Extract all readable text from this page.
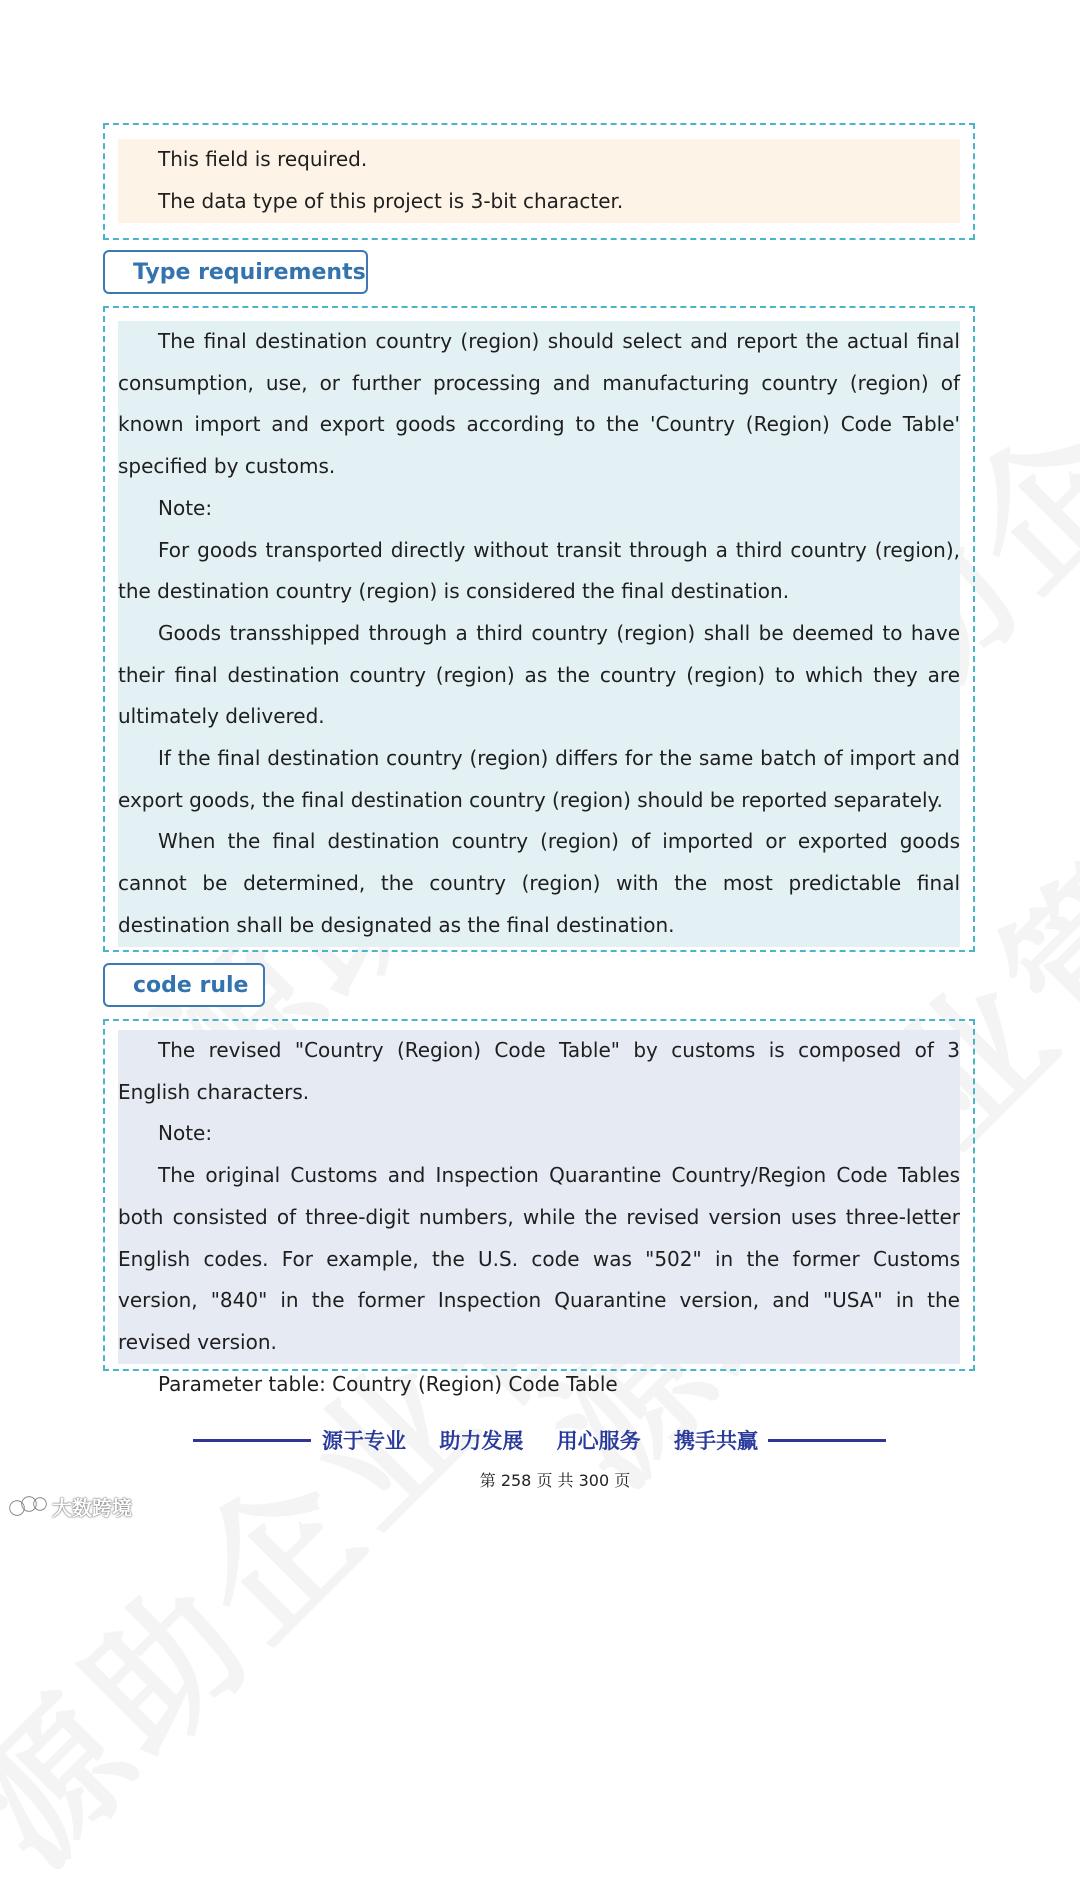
This field is required.

The data type of this project is 3-bit character.

Type requirements

The final destination country (region) should select and report the actual final consumption, use, or further processing and manufacturing country (region) of known import and export goods according to the 'Country (Region) Code Table' specified by customs.

Note:

For goods transported directly without transit through a third country (region), the destination country (region) is considered the final destination.

Goods transshipped through a third country (region) shall be deemed to have their final destination country (region) as the country (region) to which they are ultimately delivered.

If the final destination country (region) differs for the same batch of import and export goods, the final destination country (region) should be reported separately.

When the final destination country (region) of imported or exported goods cannot be determined, the country (region) with the most predictable final destination shall be designated as the final destination.

code rule

The revised "Country (Region) Code Table" by customs is composed of 3 English characters.

Note:

The original Customs and Inspection Quarantine Country/Region Code Tables both consisted of three-digit numbers, while the revised version uses three-letter English codes. For example, the U.S. code was "502" in the former Customs version, "840" in the former Inspection Quarantine version, and "USA" in the revised version.

Parameter table: Country (Region) Code Table

源于专业 助力发展 用心服务 携手共赢
第 258 页 共 300 页
大数跨境
